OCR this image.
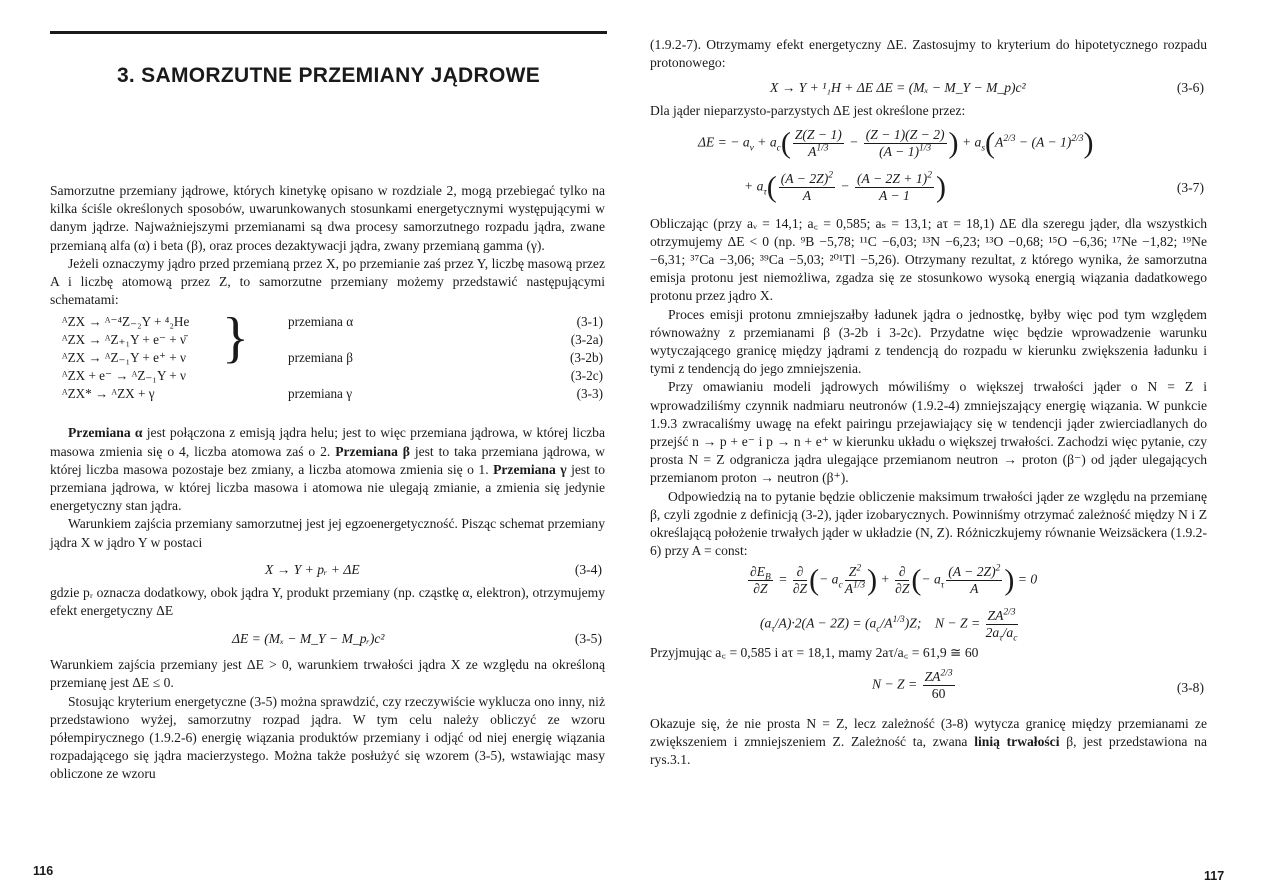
3. SAMORZUTNE PRZEMIANY JĄDROWE

Samorzutne przemiany jądrowe, których kinetykę opisano w rozdziale 2, mogą przebiegać tylko na kilka ściśle określonych sposobów, uwarunkowanych stosunkami energetycznymi występującymi w danym jądrze. Najważniejszymi przemianami są dwa procesy samorzutnego rozpadu jądra, zwane przemianą alfa (α) i beta (β), oraz proces dezaktywacji jądra, zwany przemianą gamma (γ).

Jeżeli oznaczymy jądro przed przemianą przez X, po przemianie zaś przez Y, liczbę masową przez A i liczbę atomową przez Z, to samorzutne przemiany możemy przedstawić następującymi schematami:

ᴬZX → ᴬ⁻⁴Z₋₂Y + ⁴₂He	przemiana α	(3-1)
ᴬZX → ᴬZ₊₁Y + e⁻ + ν̄	(3-2a)
ᴬZX → ᴬZ₋₁Y + e⁺ + ν	przemiana β	(3-2b)
ᴬZX + e⁻ → ᴬZ₋₁Y + ν	(3-2c)
ᴬZX* → ᴬZX + γ	przemiana γ	(3-3)
}

Przemiana α jest połączona z emisją jądra helu; jest to więc przemiana jądrowa, w której liczba masowa zmienia się o 4, liczba atomowa zaś o 2. Przemiana β jest to taka przemiana jądrowa, w której liczba masowa pozostaje bez zmiany, a liczba atomowa zmienia się o 1. Przemiana γ jest to przemiana jądrowa, w której liczba masowa i atomowa nie ulegają zmianie, a zmienia się jedynie energetyczny stan jądra.

Warunkiem zajścia przemiany samorzutnej jest jej egzoenergetyczność. Pisząc schemat przemiany jądra X w jądro Y w postaci

X → Y + pᵣ + ΔE	(3-4)

gdzie pᵣ oznacza dodatkowy, obok jądra Y, produkt przemiany (np. cząstkę α, elektron), otrzymujemy efekt energetyczny ΔE

ΔE = (Mₓ − M_Y − M_pᵣ)c²	(3-5)

Warunkiem zajścia przemiany jest ΔE > 0, warunkiem trwałości jądra X ze względu na określoną przemianę jest ΔE ≤ 0.

Stosując kryterium energetyczne (3-5) można sprawdzić, czy rzeczywiście wyklucza ono inny, niż przedstawiono wyżej, samorzutny rozpad jądra. W tym celu należy obliczyć ze wzoru półempirycznego (1.9.2-6) energię wiązania produktów przemiany i odjąć od niej energię wiązania rozpadającego się jądra macierzystego. Można także posłużyć się wzorem (3-5), wstawiając masy obliczone ze wzoru

116

(1.9.2-7). Otrzymamy efekt energetyczny ΔE. Zastosujmy to kryterium do hipotetycznego rozpadu protonowego:

X → Y + ¹₁H + ΔE ΔE = (Mₓ − M_Y − M_p)c²	(3-6)

Dla jąder nieparzysto-parzystych ΔE jest określone przez:

ΔE = − $a_v + a_c( \frac{Z(Z - 1)}{A^{1/3}} - \frac{(Z - 1)(Z - 2)}{(A - 1)^{1/3}}$ ) + $a_s(A^{2/3} - (A - 1)^{2/3})$
+ $a_\tau( \frac{(A - 2Z)^2}{A} - \frac{(A - 2Z + 1)^2}{A - 1}$ )	(3-7)

Obliczając (przy aᵥ = 14,1; a꜀ = 0,585; aₛ = 13,1; aτ = 18,1) ΔE dla szeregu jąder, dla wszystkich otrzymujemy ΔE < 0 (np. ⁹B −5,78; ¹¹C −6,03; ¹³N −6,23; ¹³O −0,68; ¹⁵O −6,36; ¹⁷Ne −1,82; ¹⁹Ne −6,31; ³⁷Ca −3,06; ³⁹Ca −5,03; ²⁰¹Tl −5,26). Otrzymany rezultat, z którego wynika, że samorzutna emisja protonu jest niemożliwa, zgadza się ze stosunkowo wysoką energią wiązania dadatkowego protonu przez jądro X.

Proces emisji protonu zmniejszałby ładunek jądra o jednostkę, byłby więc pod tym względem równoważny z przemianami β (3-2b i 3-2c). Przydatne więc będzie wprowadzenie warunku wytyczającego granicę między jądrami z tendencją do rozpadu w kierunku zwiększenia ładunku i tymi z tendencją do jego zmniejszenia.

Przy omawianiu modeli jądrowych mówiliśmy o większej trwałości jąder o N = Z i wprowadziliśmy czynnik nadmiaru neutronów (1.9.2-4) zmniejszający energię wiązania. W punkcie 1.9.3 zwracaliśmy uwagę na efekt pairingu przejawiający się w tendencji jąder zwierciadlanych do przejść n → p + e⁻ i p → n + e⁺ w kierunku układu o większej trwałości. Zachodzi więc pytanie, czy prosta N = Z odgranicza jądra ulegające przemianom neutron → proton (β⁻) od jąder ulegających przemianom proton → neutron (β⁺).

Odpowiedzią na to pytanie będzie obliczenie maksimum trwałości jąder ze względu na przemianę β, czyli zgodnie z definicją (3-2), jąder izobarycznych. Powinniśmy otrzymać zależność między N i Z określającą położenie trwałych jąder w układzie (N, Z). Różniczkujemy równanie Weizsäckera (1.9.2-6) przy A = const:

$\frac{\partial E_B}{\partial Z} = \frac{\partial}{\partial Z}$ (− $a_c \frac{Z^2}{A^{1/3}}$ ) + $\frac{\partial}{\partial Z}$ (− $a_\tau \frac{(A - 2Z)^2}{A}$ ) = 0
$(a_\tau/A)\cdot 2(A - 2Z) = (a_c/A^{1/3})Z$;    $N - Z = \frac{ZA^{2/3}}{2a_\tau/a_c}$

Przyjmując a꜀ = 0,585 i aτ = 18,1, mamy 2aτ/a꜀ = 61,9 ≅ 60

$N - Z = \frac{ZA^{2/3}}{60}$	(3-8)

Okazuje się, że nie prosta N = Z, lecz zależność (3-8) wytycza granicę między przemianami ze zwiększeniem i zmniejszeniem Z. Zależność ta, zwana linią trwałości β, jest przedstawiona na rys.3.1.

117
